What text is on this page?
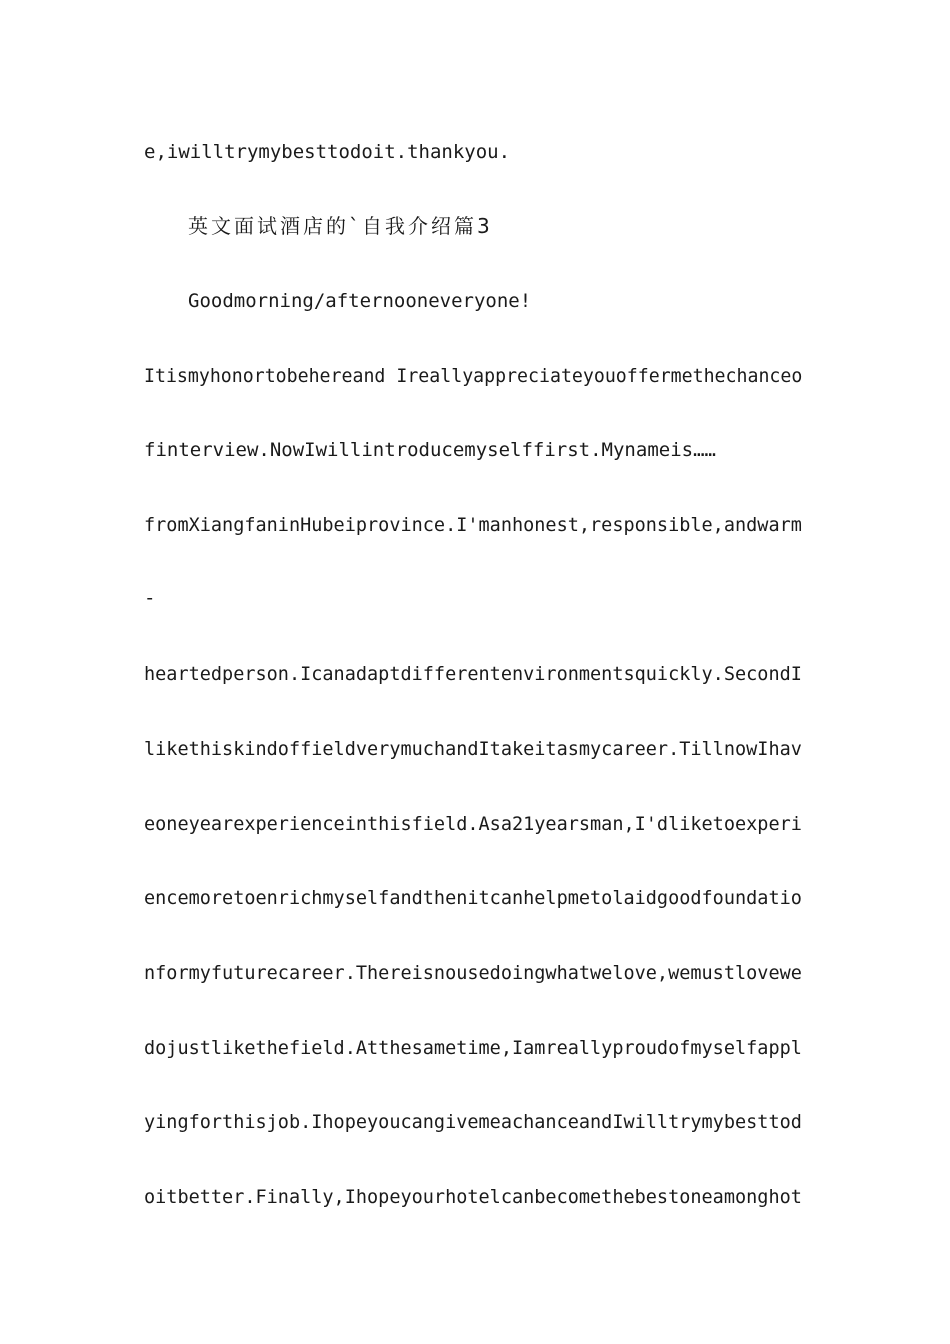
e,iwilltrymybesttodoit.thankyou.
英文面试酒店的`自我介绍篇3
Goodmorning/afternooneveryone!
Itismyhonortobehereand Ireallyappreciateyouoffermethechanceo
finterview.NowIwillintroducemyselffirst.Mynameis……
fromXiangfaninHubeiprovince.I'manhonest,responsible,andwarm
-
heartedperson.Icanadaptdifferentenvironmentsquickly.SecondI
likethiskindoffieldverymuchandItakeitasmycareer.TillnowIhav
eoneyearexperienceinthisfield.Asa21yearsman,I'dliketoexperi
encemoretoenrichmyselfandthenitcanhelpmetolaidgoodfoundatio
nformyfuturecareer.Thereisnousedoingwhatwelove,wemustlovewe
dojustlikethefield.Atthesametime,Iamreallyproudofmyselfappl
yingforthisjob.IhopeyoucangivemeachanceandIwilltrymybesttod
oitbetter.Finally,Ihopeyourhotelcanbecomethebestoneamonghot
